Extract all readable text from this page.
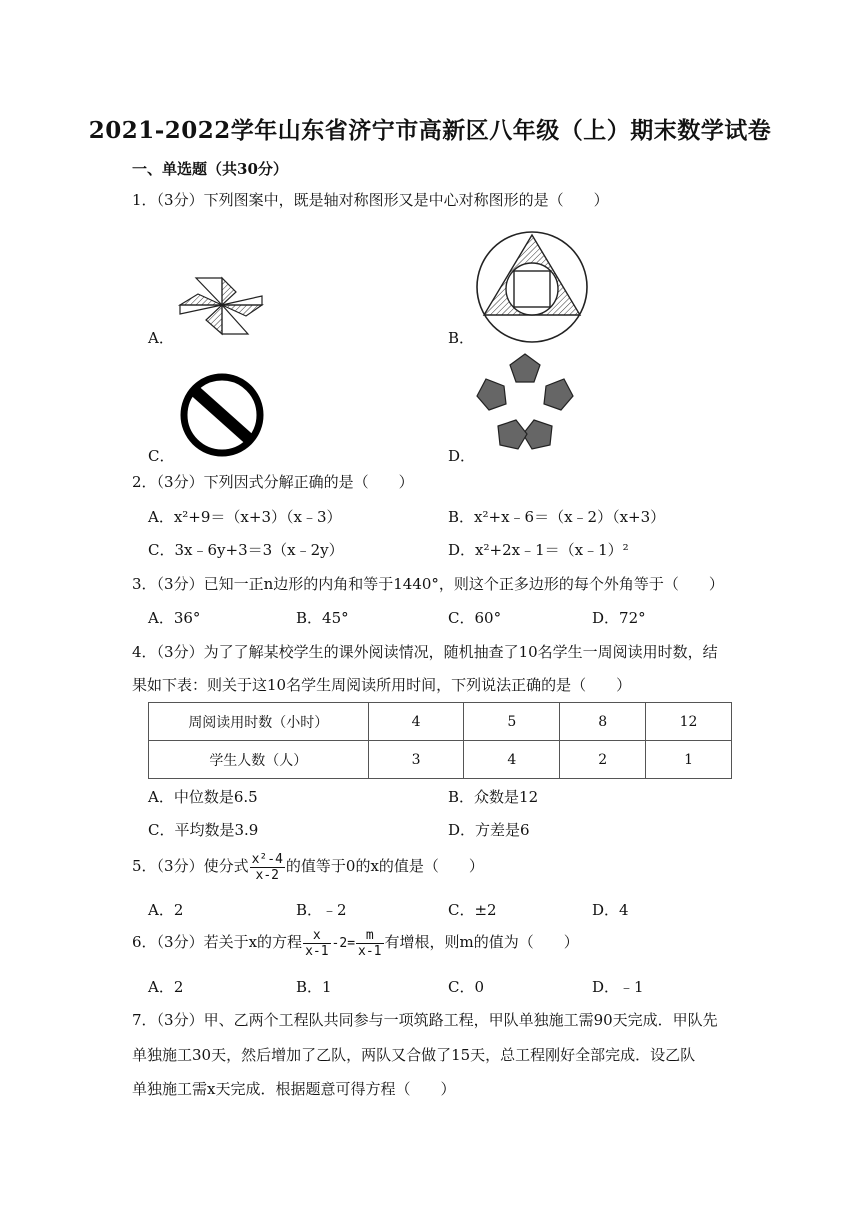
2021-2022学年山东省济宁市高新区八年级（上）期末数学试卷
一、单选题（共30分）
1．（3分）下列图案中，既是轴对称图形又是中心对称图形的是（　　）
A．	B．
C．	D．
2．（3分）下列因式分解正确的是（　　）
A．x²+9＝（x+3）（x﹣3）	B．x²+x﹣6＝（x﹣2）（x+3）
C．3x﹣6y+3＝3（x﹣2y）	D．x²+2x﹣1＝（x﹣1）²
3．（3分）已知一正n边形的内角和等于1440°，则这个正多边形的每个外角等于（　　）
A．36°	B．45°	C．60°	D．72°
4．（3分）为了了解某校学生的课外阅读情况，随机抽查了10名学生一周阅读用时数，结
果如下表：则关于这10名学生周阅读所用时间，下列说法正确的是（　　）
周阅读用时数（小时）	4	5	8	12
学生人数（人）	3	4	2	1
A．中位数是6.5	B．众数是12
C．平均数是3.9	D．方差是6
5．（3分）使分式 $\frac{\text{x²-4}}{x-2}$ 的值等于0的x的值是（　　）
A．2	B．﹣2	C．±2	D．4
6．（3分）若关于x的方程 $\frac{x}{x-1} -2= \frac{m}{x-1}$ 有增根，则m的值为（　　）
A．2	B．1	C．0	D．﹣1
7．（3分）甲、乙两个工程队共同参与一项筑路工程，甲队单独施工需90天完成．甲队先
单独施工30天，然后增加了乙队，两队又合做了15天，总工程刚好全部完成．设乙队
单独施工需x天完成．根据题意可得方程（　　）
